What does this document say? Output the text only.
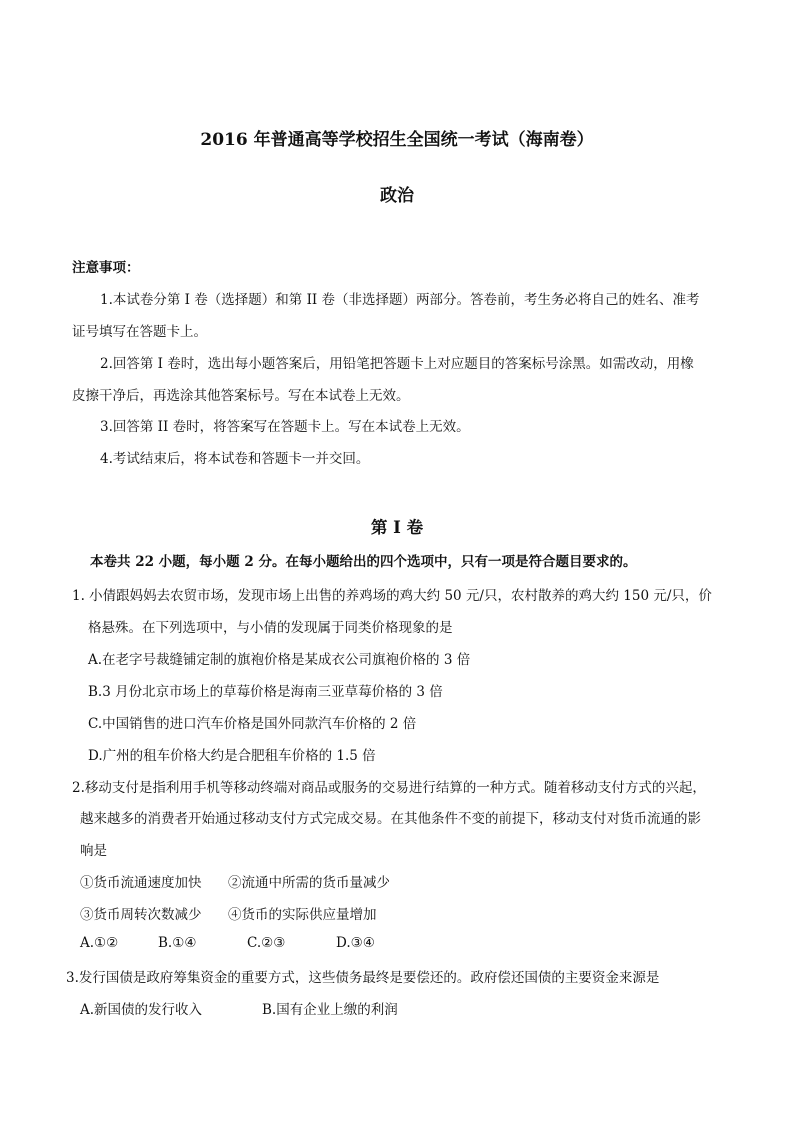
2016 年普通高等学校招生全国统一考试（海南卷）
政治
注意事项：
1.本试卷分第 I 卷（选择题）和第 II 卷（非选择题）两部分。答卷前，考生务必将自己的姓名、准考
证号填写在答题卡上。
2.回答第 I 卷时，选出每小题答案后，用铅笔把答题卡上对应题目的答案标号涂黑。如需改动，用橡
皮擦干净后，再选涂其他答案标号。写在本试卷上无效。
3.回答第 II 卷时，将答案写在答题卡上。写在本试卷上无效。
4.考试结束后，将本试卷和答题卡一并交回。
第 I 卷
本卷共 22 小题，每小题 2 分。在每小题给出的四个选项中，只有一项是符合题目要求的。
1. 小倩跟妈妈去农贸市场，发现市场上出售的养鸡场的鸡大约 50 元/只，农村散养的鸡大约 150 元/只，价
格悬殊。在下列选项中，与小倩的发现属于同类价格现象的是
A.在老字号裁缝铺定制的旗袍价格是某成衣公司旗袍价格的 3 倍
B.3 月份北京市场上的草莓价格是海南三亚草莓价格的 3 倍
C.中国销售的进口汽车价格是国外同款汽车价格的 2 倍
D.广州的租车价格大约是合肥租车价格的 1.5 倍
2.移动支付是指利用手机等移动终端对商品或服务的交易进行结算的一种方式。随着移动支付方式的兴起，
越来越多的消费者开始通过移动支付方式完成交易。在其他条件不变的前提下，移动支付对货币流通的影
响是
①货币流通速度加快 ②流通中所需的货币量减少
③货币周转次数减少 ④货币的实际供应量增加
A.①②	B.①④	C.②③	D.③④
3.发行国债是政府筹集资金的重要方式，这些债务最终是要偿还的。政府偿还国债的主要资金来源是
A.新国债的发行收入	B.国有企业上缴的利润
